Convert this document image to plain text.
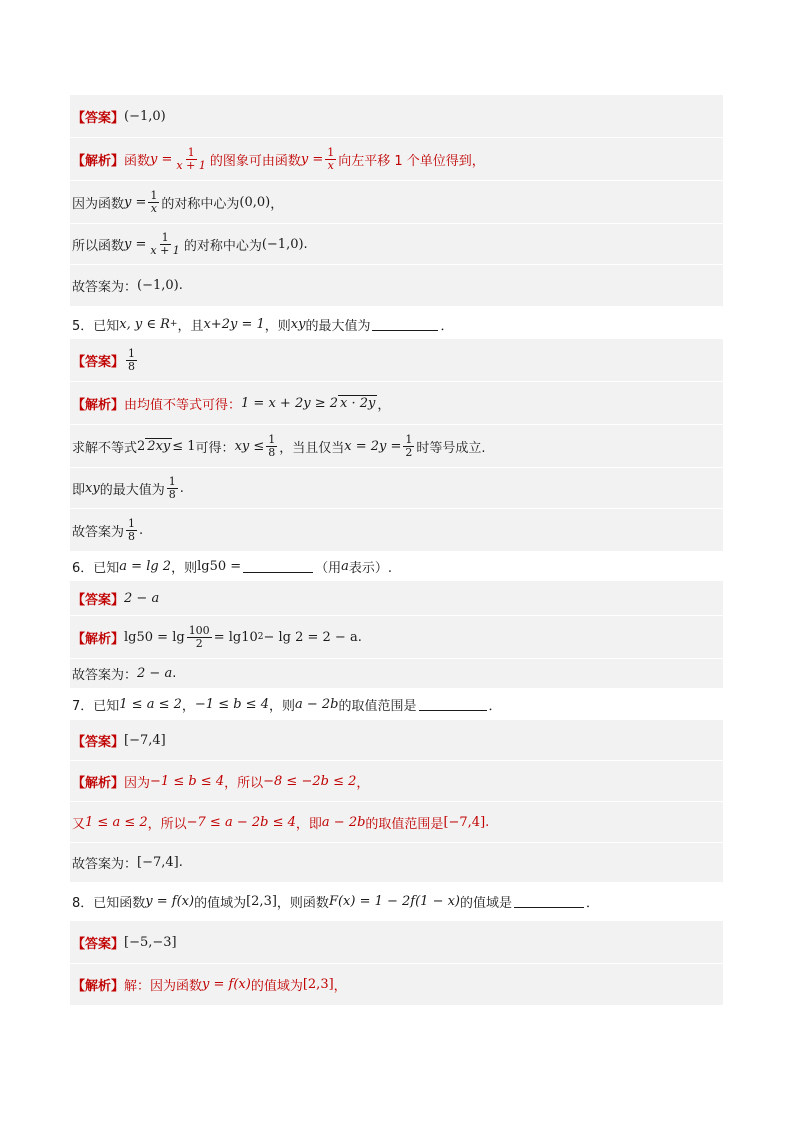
【答案】 (−1,0)
【解析】 函数 $y = \frac{1}{x + 1}$ 的图象可由函数 $y = \frac{1}{x}$ 向左平移 1 个单位得到，
因为函数 $y = \frac{1}{x}$ 的对称中心为 (0,0) ，
所以函数 $y = \frac{1}{x + 1}$ 的对称中心为 (−1,0) .
故答案为： (−1,0) .
5．已知 x, y ∈ R + ，且 x+2y = 1 ，则 xy 的最大值为	．
【答案】 $\frac{1}{8}$
【解析】 由均值不等式可得： 1 = x + 2y ≥ 2 x · 2y ，
求解不等式 2 2xy ≤ 1 可得： xy ≤ $\frac{1}{8}$ ，当且仅当 $x = 2y = \frac{1}{2}$ 时等号成立.
即 xy 的最大值为 $\frac{1}{8}$ .
故答案为 $\frac{1}{8}$ .
6．已知 a = lg 2 ，则 lg50 =	（用 a 表示）.
【答案】 2 − a
【解析】 $\lg 50 = \lg \frac{100}{2} = \lg 10$ 2 − lg 2 = 2 − a .
故答案为： 2 − a .
7．已知 1 ≤ a ≤ 2 ， −1 ≤ b ≤ 4 ，则 a − 2b 的取值范围是	．
【答案】 [−7,4]
【解析】 因为 −1 ≤ b ≤ 4 ，所以 −8 ≤ −2b ≤ 2 ，
又 1 ≤ a ≤ 2 ，所以 −7 ≤ a − 2b ≤ 4 ，即 a − 2b 的取值范围是 [−7,4] .
故答案为： [−7,4] .
8．已知函数 y = f(x) 的值域为 [2,3] ，则函数 F(x) = 1 − 2f(1 − x) 的值域是	．
【答案】 [−5,−3]
【解析】 解：因为函数 y = f(x) 的值域为 [2,3] ，
